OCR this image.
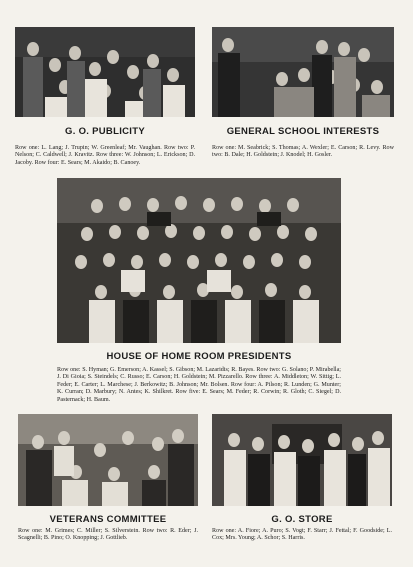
G. O. PUBLICITY
Row one: L. Lang; J. Trupin; W. Greenleaf; Mr. Vaughan. Row two: P. Nelson; C. Caldwell; J. Kravitz. Row three: W. Johnson; L. Erickson; D. Jacoby. Row four: E. Sears; M. Akaido; B. Canoey.
GENERAL SCHOOL INTERESTS
Row one: M. Seabrick; S. Thomas; A. Wexler; E. Carson; R. Levy. Row two: B. Dale; H. Goldstein; J. Knodel; H. Gosler.
HOUSE OF HOME ROOM PRESIDENTS
Row one: S. Hyman; G. Emerson; A. Kassel; S. Gibson; M. Lazaridis; R. Bayes. Row two: G. Solano; P. Mirabella; J. Di Gioia; S. Steindels; C. Russo; E. Carson; H. Goldstein; M. Pizzarello. Row three: A. Middleton; W. Sittig; L. Feder; E. Carter; L. Marchese; J. Berkowitz; B. Johnson; Mr. Bolsen. Row four: A. Pilson; R. Lunden; G. Munter; K. Curran; D. Marbury; N. Antes; K. Shilkret. Row five: E. Sears; M. Feder; R. Corwin; R. Gloth; C. Siegel; D. Pasternack; H. Baum.
VETERANS COMMITTEE
Row one: M. Grimes; C. Miller; S. Silverstein. Row two: R. Eder; J. Scagnelli; B. Pino; O. Knopping; J. Gottlieb.
G. O. STORE
Row one: A. Fiore; A. Puro; S. Vogt; F. Starr; J. Fettal; F. Goodside; L. Cox; Mrs. Young; A. Schor; S. Harris.
